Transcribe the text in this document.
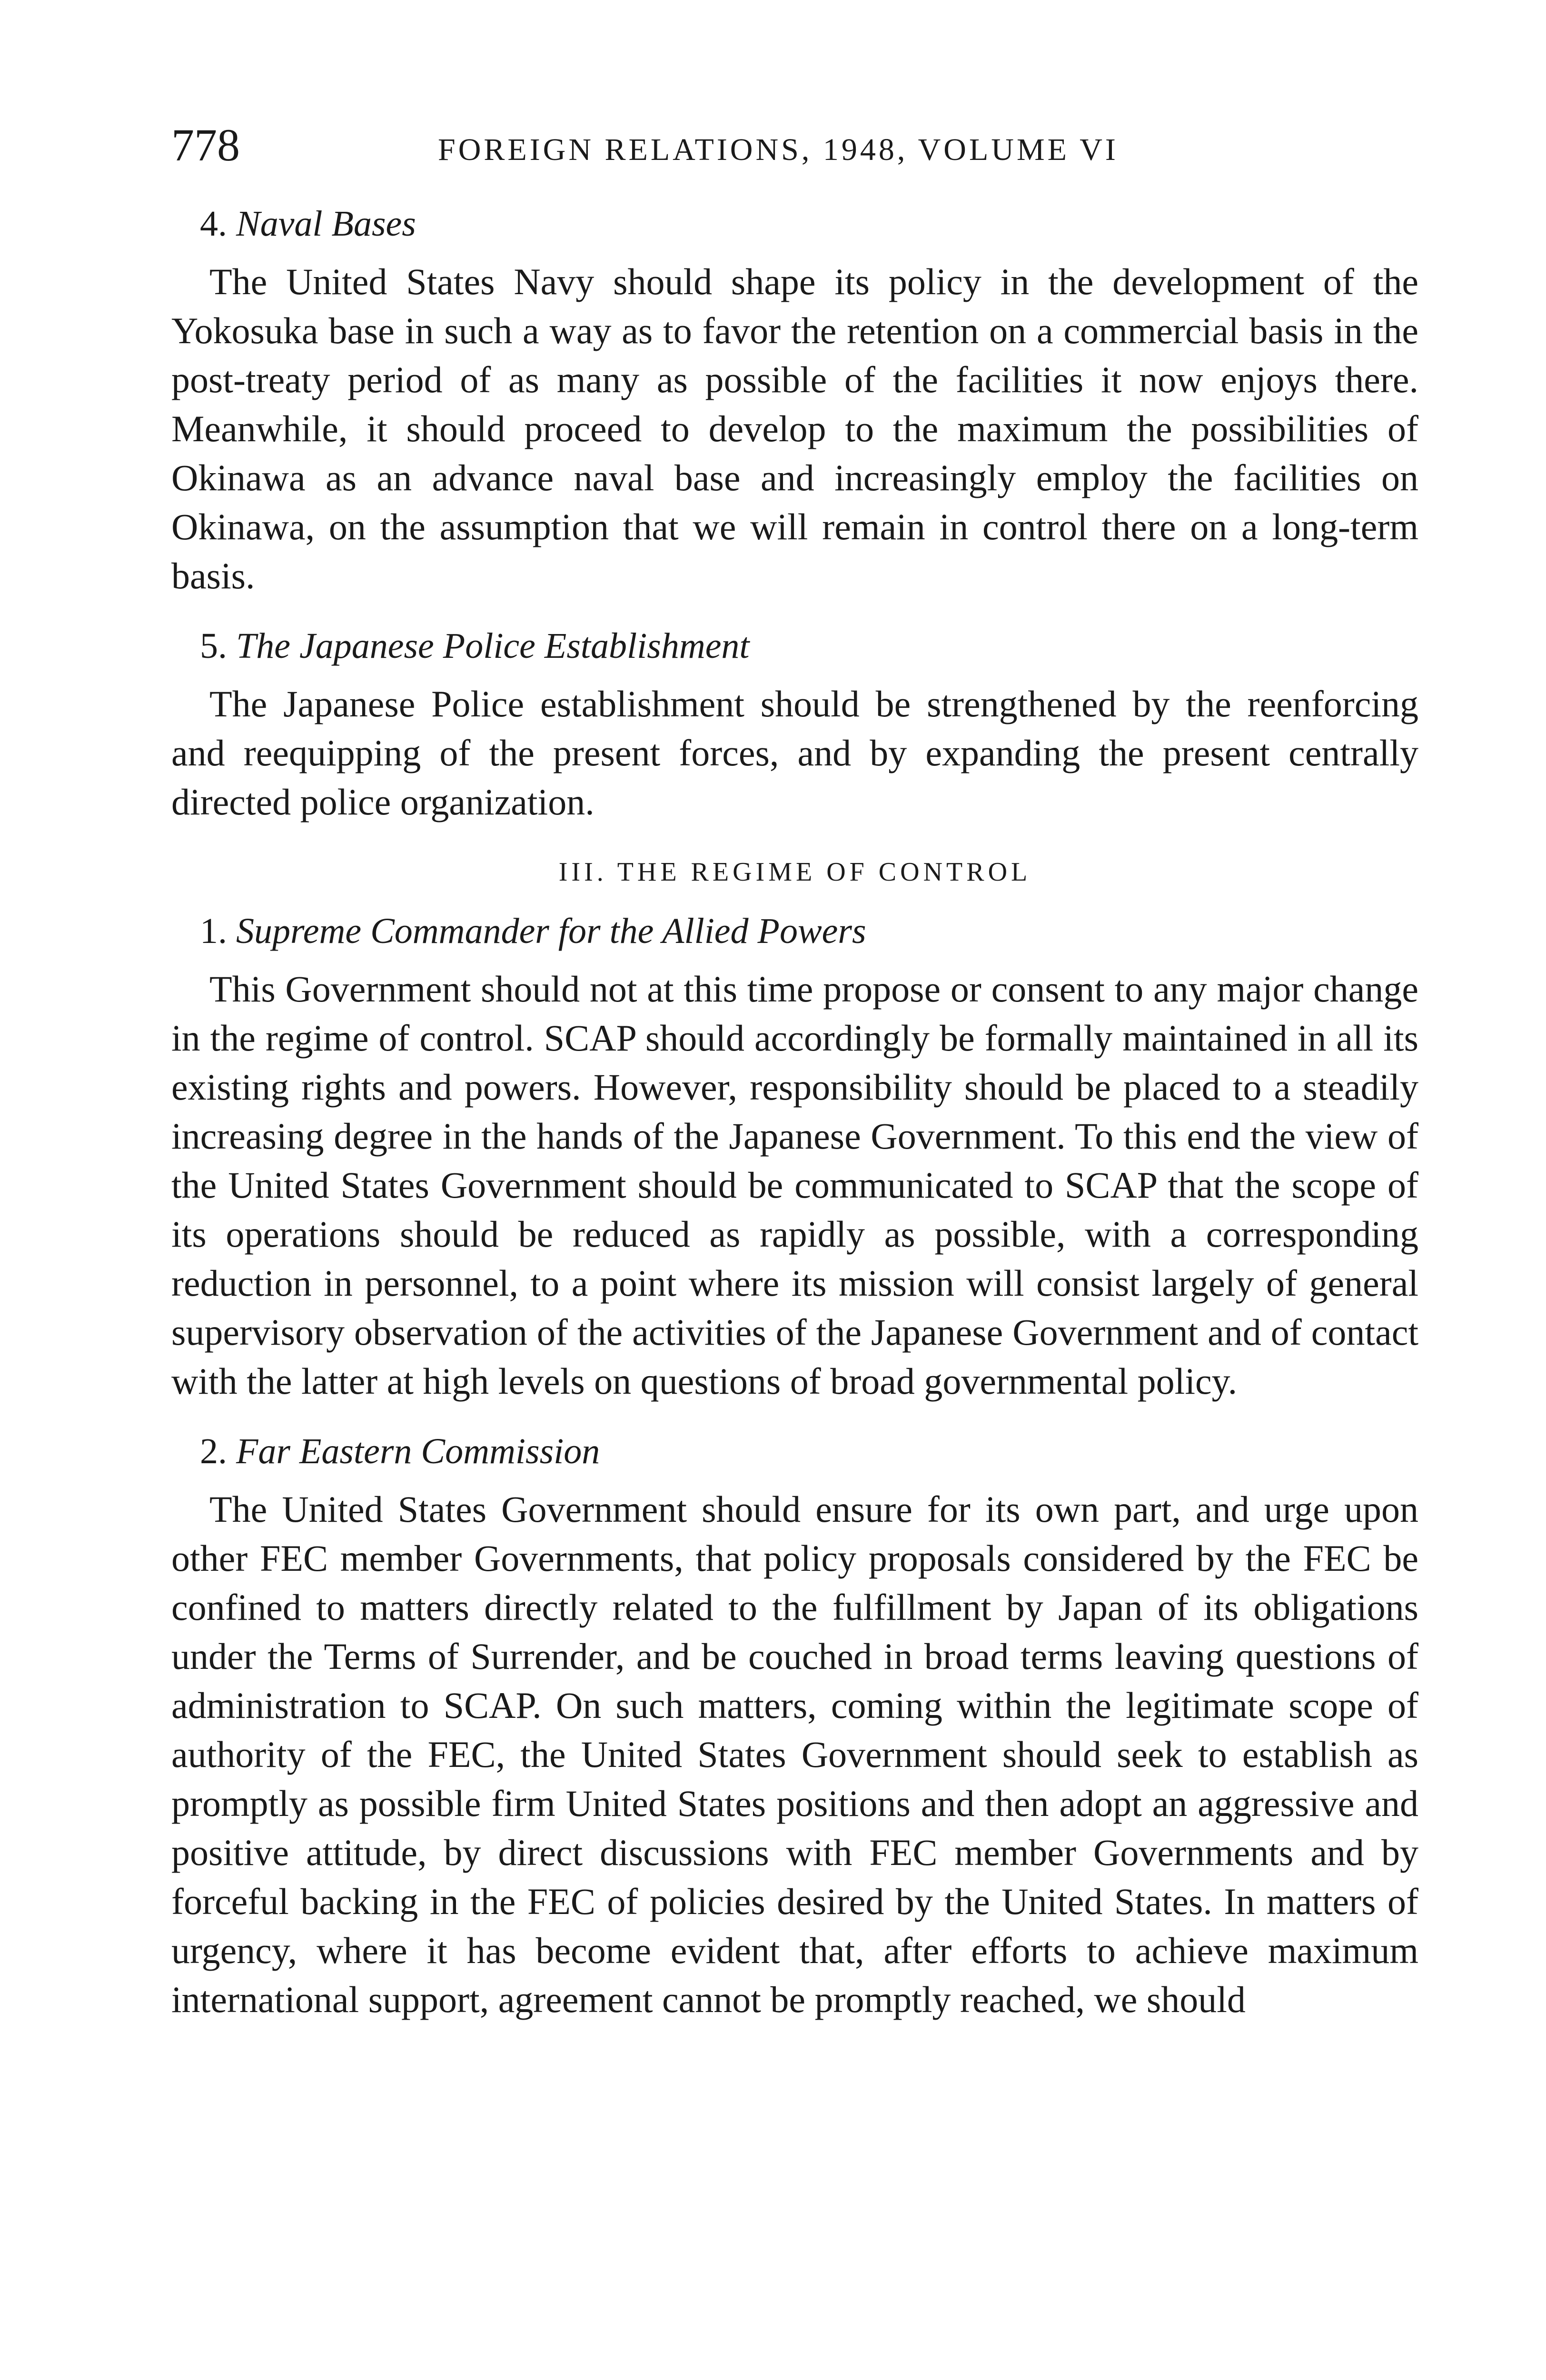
778	FOREIGN RELATIONS, 1948, VOLUME VI
4. Naval Bases

The United States Navy should shape its policy in the development of the Yokosuka base in such a way as to favor the retention on a commercial basis in the post-treaty period of as many as possible of the facilities it now enjoys there. Meanwhile, it should proceed to develop to the maximum the possibilities of Okinawa as an advance naval base and increasingly employ the facilities on Okinawa, on the assumption that we will remain in control there on a long-term basis.

5. The Japanese Police Establishment

The Japanese Police establishment should be strengthened by the reenforcing and reequipping of the present forces, and by expanding the present centrally directed police organization.

III. THE REGIME OF CONTROL
1. Supreme Commander for the Allied Powers

This Government should not at this time propose or consent to any major change in the regime of control. SCAP should accordingly be formally maintained in all its existing rights and powers. However, responsibility should be placed to a steadily increasing degree in the hands of the Japanese Government. To this end the view of the United States Government should be communicated to SCAP that the scope of its operations should be reduced as rapidly as possible, with a corresponding reduction in personnel, to a point where its mission will consist largely of general supervisory observation of the activities of the Japanese Government and of contact with the latter at high levels on questions of broad governmental policy.

2. Far Eastern Commission

The United States Government should ensure for its own part, and urge upon other FEC member Governments, that policy proposals considered by the FEC be confined to matters directly related to the fulfillment by Japan of its obligations under the Terms of Surrender, and be couched in broad terms leaving questions of administration to SCAP. On such matters, coming within the legitimate scope of authority of the FEC, the United States Government should seek to establish as promptly as possible firm United States positions and then adopt an aggressive and positive attitude, by direct discussions with FEC member Governments and by forceful backing in the FEC of policies desired by the United States. In matters of urgency, where it has become evident that, after efforts to achieve maximum international support, agreement cannot be promptly reached, we should
